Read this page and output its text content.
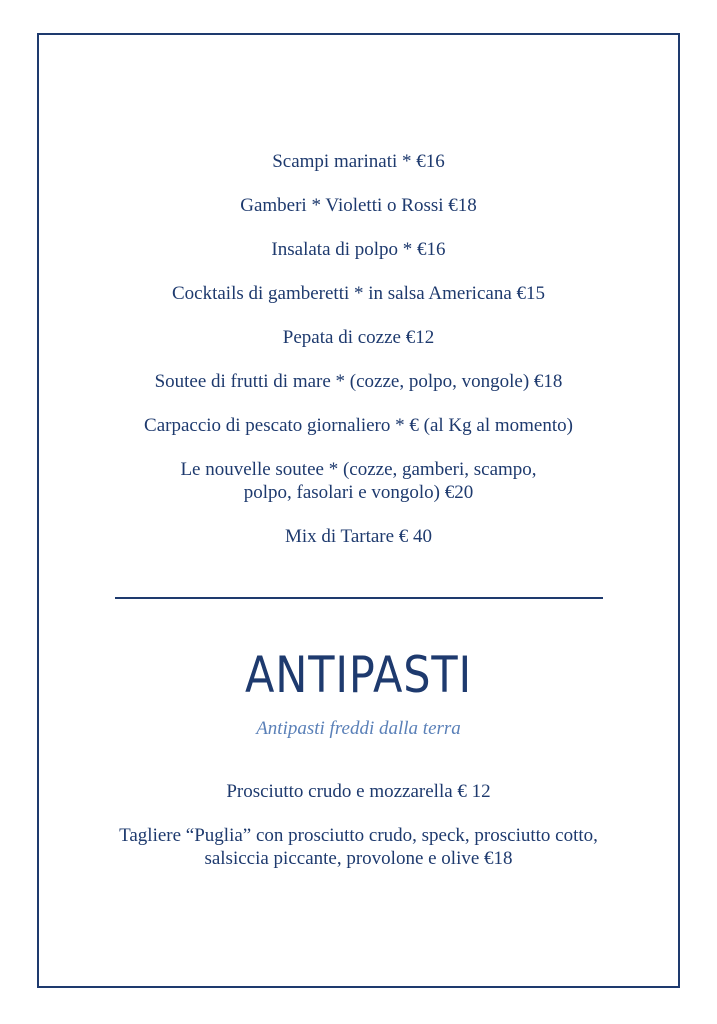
Scampi marinati * €16

Gamberi * Violetti o Rossi €18

Insalata di polpo * €16

Cocktails di gamberetti * in salsa Americana €15

Pepata di cozze €12

Soutee di frutti di mare * (cozze, polpo, vongole) €18

Carpaccio di pescato giornaliero * € (al Kg al momento)

Le nouvelle soutee * (cozze, gamberi, scampo,
polpo, fasolari e vongolo) €20

Mix di Tartare € 40

ANTIPASTI
Antipasti freddi dalla terra

Prosciutto crudo e mozzarella € 12

Tagliere “Puglia” con prosciutto crudo, speck, prosciutto cotto,
salsiccia piccante, provolone e olive €18
